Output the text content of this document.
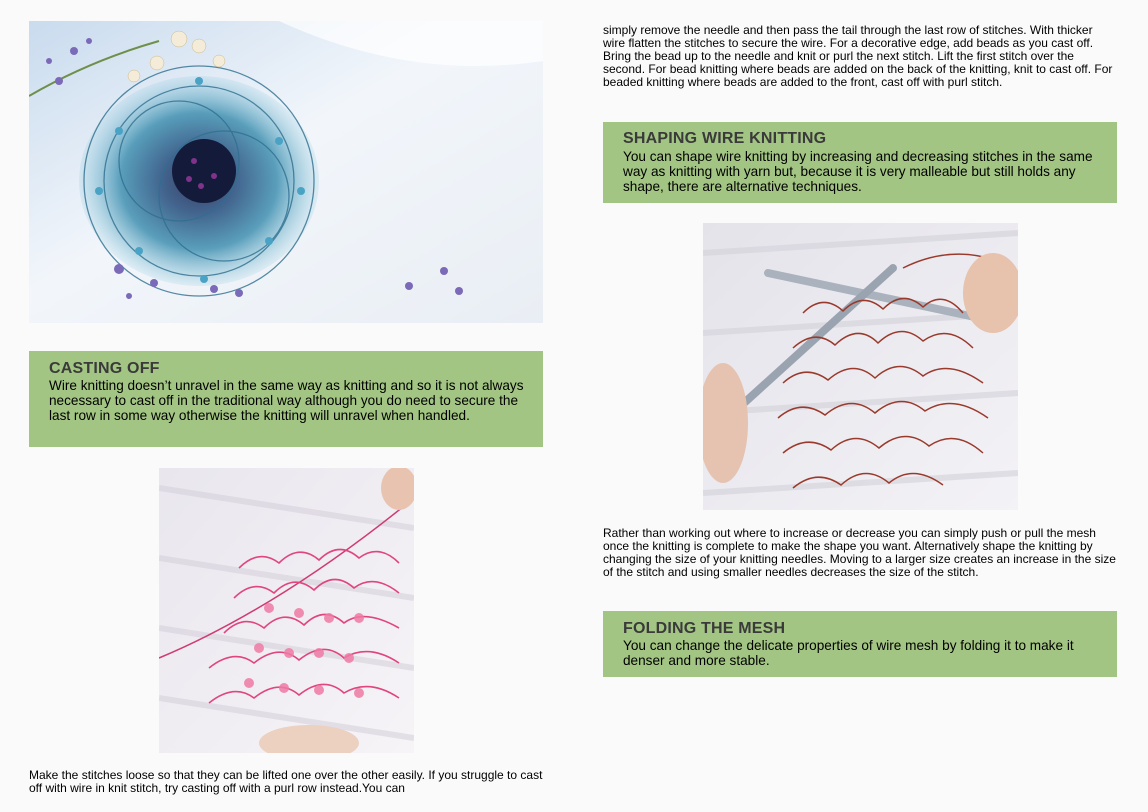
CASTING OFF
Wire knitting doesn’t unravel in the same way as knitting and so it is not always necessary to cast off in the traditional way although you do need to secure the last row in some way otherwise the knitting will unravel when handled.
Make the stitches loose so that they can be lifted one over the other easily. If you struggle to cast off with wire in knit stitch, try casting off with a purl row instead.You can
simply remove the needle and then pass the tail through the last row of stitches. With thicker wire flatten the stitches to secure the wire. For a decorative edge, add beads as you cast off. Bring the bead up to the needle and knit or purl the next stitch. Lift the first stitch over the second. For bead knitting where beads are added on the back of the knitting, knit to cast off. For beaded knitting where beads are added to the front, cast off with purl stitch.
SHAPING WIRE KNITTING
You can shape wire knitting by increasing and decreasing stitches in the same way as knitting with yarn but, because it is very malleable but still holds any shape, there are alternative techniques.
Rather than working out where to increase or decrease you can simply push or pull the mesh once the knitting is complete to make the shape you want. Alternatively shape the knitting by changing the size of your knitting needles. Moving to a larger size creates an increase in the size of the stitch and using smaller needles decreases the size of the stitch.
FOLDING THE MESH
You can change the delicate properties of wire mesh by folding it to make it denser and more stable.
